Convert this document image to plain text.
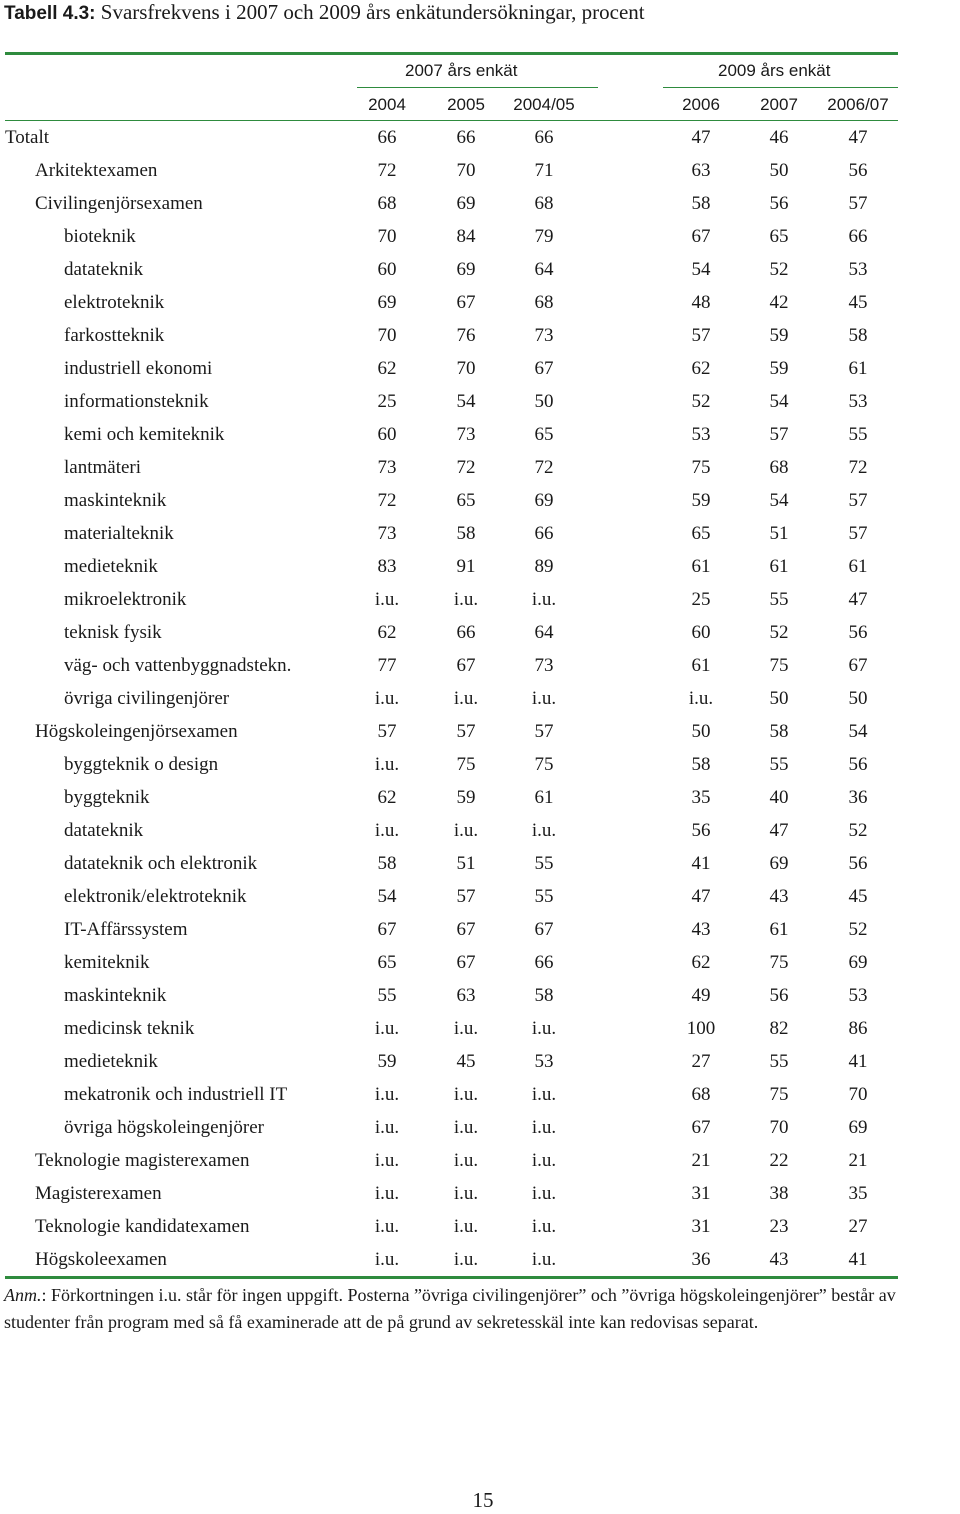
Tabell 4.3: Svarsfrekvens i 2007 och 2009 års enkätundersökningar, procent
2007 års enkät	2009 års enkät
2004	2005	2004/05	2006	2007	2006/07
Totalt	66	66	66	47	46	47
Arkitektexamen	72	70	71	63	50	56
Civilingenjörsexamen	68	69	68	58	56	57
bioteknik	70	84	79	67	65	66
datateknik	60	69	64	54	52	53
elektroteknik	69	67	68	48	42	45
farkostteknik	70	76	73	57	59	58
industriell ekonomi	62	70	67	62	59	61
informationsteknik	25	54	50	52	54	53
kemi och kemiteknik	60	73	65	53	57	55
lantmäteri	73	72	72	75	68	72
maskinteknik	72	65	69	59	54	57
materialteknik	73	58	66	65	51	57
medieteknik	83	91	89	61	61	61
mikroelektronik	i.u.	i.u.	i.u.	25	55	47
teknisk fysik	62	66	64	60	52	56
väg- och vattenbyggnadstekn.	77	67	73	61	75	67
övriga civilingenjörer	i.u.	i.u.	i.u.	i.u.	50	50
Högskoleingenjörsexamen	57	57	57	50	58	54
byggteknik o design	i.u.	75	75	58	55	56
byggteknik	62	59	61	35	40	36
datateknik	i.u.	i.u.	i.u.	56	47	52
datateknik och elektronik	58	51	55	41	69	56
elektronik/elektroteknik	54	57	55	47	43	45
IT-Affärssystem	67	67	67	43	61	52
kemiteknik	65	67	66	62	75	69
maskinteknik	55	63	58	49	56	53
medicinsk teknik	i.u.	i.u.	i.u.	100	82	86
medieteknik	59	45	53	27	55	41
mekatronik och industriell IT	i.u.	i.u.	i.u.	68	75	70
övriga högskoleingenjörer	i.u.	i.u.	i.u.	67	70	69
Teknologie magisterexamen	i.u.	i.u.	i.u.	21	22	21
Magisterexamen	i.u.	i.u.	i.u.	31	38	35
Teknologie kandidatexamen	i.u.	i.u.	i.u.	31	23	27
Högskoleexamen	i.u.	i.u.	i.u.	36	43	41
Anm.: Förkortningen i.u. står för ingen uppgift. Posterna ”övriga civilingenjörer” och ”övriga högskoleingenjörer” består av studenter från program med så få examinerade att de på grund av sekretesskäl inte kan redovisas separat.
15
